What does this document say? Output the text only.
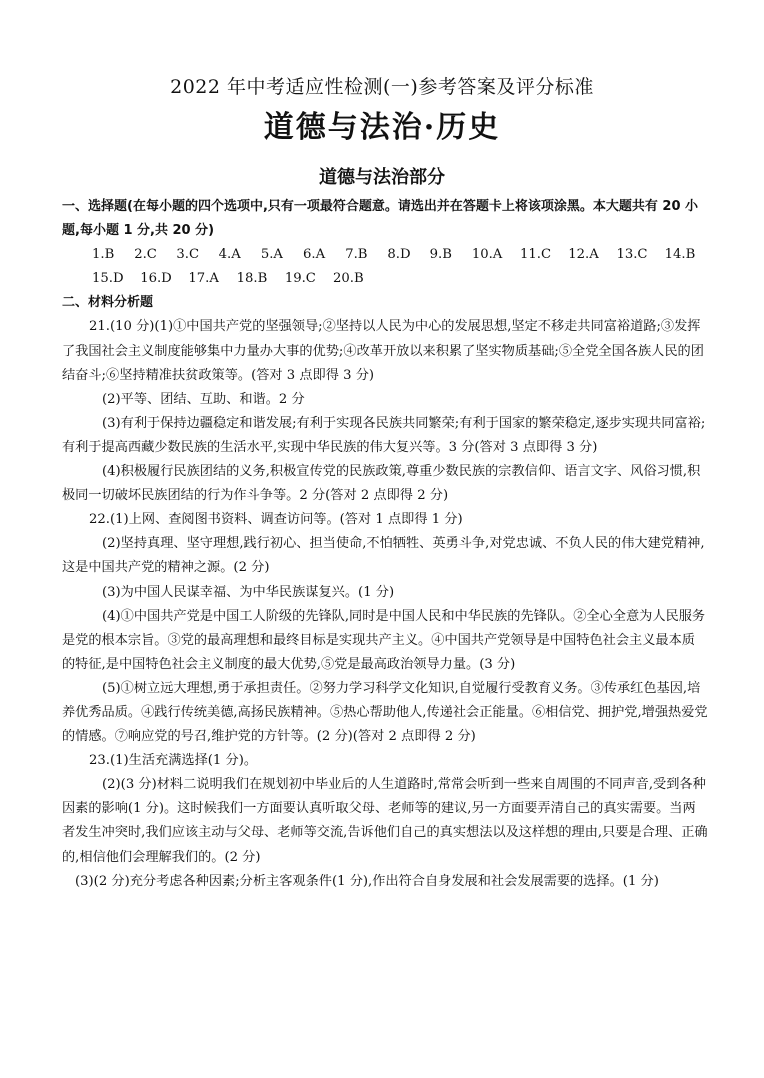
2022 年中考适应性检测(一)参考答案及评分标准
道德与法治·历史
道德与法治部分

一、选择题(在每小题的四个选项中,只有一项最符合题意。请选出并在答题卡上将该项涂黑。本大题共有 20 小题,每小题 1 分,共 20 分)

1.B 2.C 3.C 4.A 5.A 6.A 7.B 8.D 9.B 10.A 11.C 12.A 13.C 14.B
15.D 16.D 17.A 18.B 19.C 20.B

二、材料分析题

21.(10 分)(1)①中国共产党的坚强领导;②坚持以人民为中心的发展思想,坚定不移走共同富裕道路;③发挥了我国社会主义制度能够集中力量办大事的优势;④改革开放以来积累了坚实物质基础;⑤全党全国各族人民的团结奋斗;⑥坚持精准扶贫政策等。(答对 3 点即得 3 分)

(2)平等、团结、互助、和谐。2 分

(3)有利于保持边疆稳定和谐发展;有利于实现各民族共同繁荣;有利于国家的繁荣稳定,逐步实现共同富裕;有利于提高西藏少数民族的生活水平,实现中华民族的伟大复兴等。3 分(答对 3 点即得 3 分)

(4)积极履行民族团结的义务,积极宣传党的民族政策,尊重少数民族的宗教信仰、语言文字、风俗习惯,积极同一切破坏民族团结的行为作斗争等。2 分(答对 2 点即得 2 分)

22.(1)上网、查阅图书资料、调查访问等。(答对 1 点即得 1 分)

(2)坚持真理、坚守理想,践行初心、担当使命,不怕牺牲、英勇斗争,对党忠诚、不负人民的伟大建党精神,这是中国共产党的精神之源。(2 分)

(3)为中国人民谋幸福、为中华民族谋复兴。(1 分)

(4)①中国共产党是中国工人阶级的先锋队,同时是中国人民和中华民族的先锋队。②全心全意为人民服务是党的根本宗旨。③党的最高理想和最终目标是实现共产主义。④中国共产党领导是中国特色社会主义最本质的特征,是中国特色社会主义制度的最大优势,⑤党是最高政治领导力量。(3 分)

(5)①树立远大理想,勇于承担责任。②努力学习科学文化知识,自觉履行受教育义务。③传承红色基因,培养优秀品质。④践行传统美德,高扬民族精神。⑤热心帮助他人,传递社会正能量。⑥相信党、拥护党,增强热爱党的情感。⑦响应党的号召,维护党的方针等。(2 分)(答对 2 点即得 2 分)

23.(1)生活充满选择(1 分)。

(2)(3 分)材料二说明我们在规划初中毕业后的人生道路时,常常会听到一些来自周围的不同声音,受到各种因素的影响(1 分)。这时候我们一方面要认真听取父母、老师等的建议,另一方面要弄清自己的真实需要。当两者发生冲突时,我们应该主动与父母、老师等交流,告诉他们自己的真实想法以及这样想的理由,只要是合理、正确的,相信他们会理解我们的。(2 分)

(3)(2 分)充分考虑各种因素;分析主客观条件(1 分),作出符合自身发展和社会发展需要的选择。(1 分)
